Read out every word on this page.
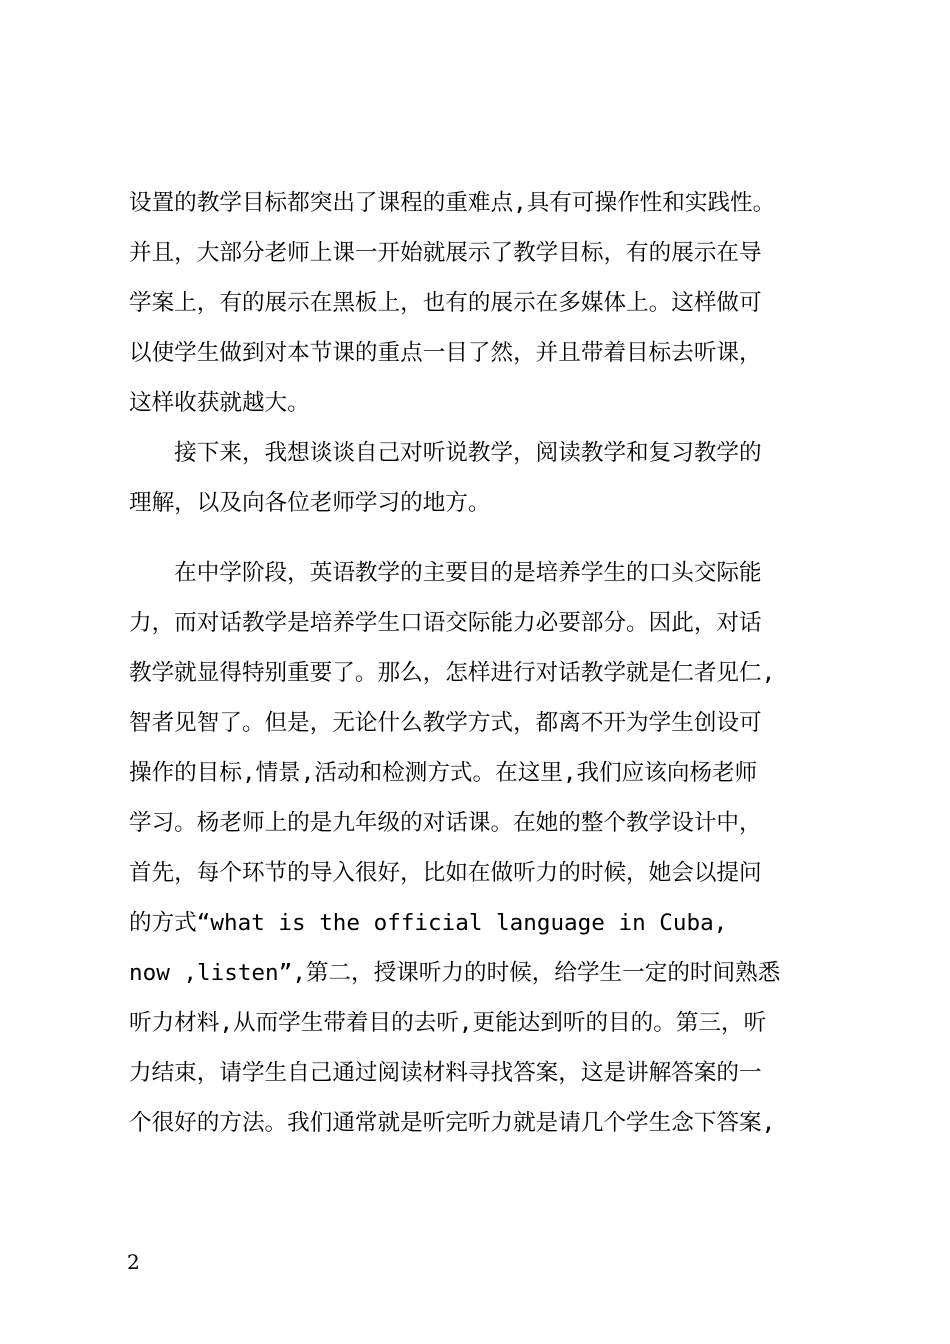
设置的教学目标都突出了课程的重难点,具有可操作性和实践性。
并且，大部分老师上课一开始就展示了教学目标，有的展示在导
学案上，有的展示在黑板上，也有的展示在多媒体上。这样做可
以使学生做到对本节课的重点一目了然，并且带着目标去听课，
这样收获就越大。
　　接下来，我想谈谈自己对听说教学，阅读教学和复习教学的
理解，以及向各位老师学习的地方。
　　在中学阶段，英语教学的主要目的是培养学生的口头交际能
力，而对话教学是培养学生口语交际能力必要部分。因此，对话
教学就显得特别重要了。那么，怎样进行对话教学就是仁者见仁,
智者见智了。但是，无论什么教学方式，都离不开为学生创设可
操作的目标,情景,活动和检测方式。在这里,我们应该向杨老师
学习。杨老师上的是九年级的对话课。在她的整个教学设计中，
首先，每个环节的导入很好，比如在做听力的时候，她会以提问
的方式“what is the official language in Cuba,
now ,listen”,第二，授课听力的时候，给学生一定的时间熟悉
听力材料,从而学生带着目的去听,更能达到听的目的。第三，听
力结束，请学生自己通过阅读材料寻找答案，这是讲解答案的一
个很好的方法。我们通常就是听完听力就是请几个学生念下答案,
2
